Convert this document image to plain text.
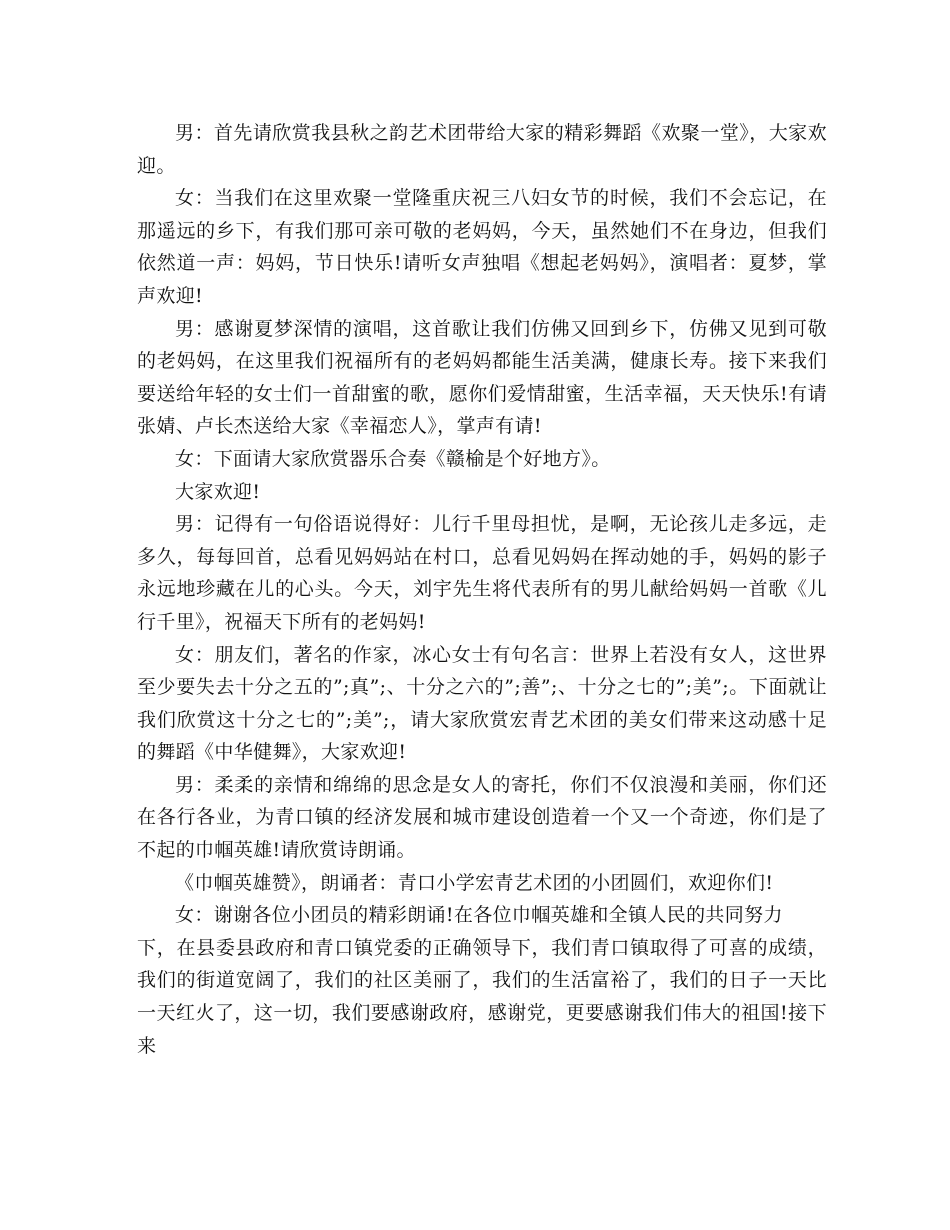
男：首先请欣赏我县秋之韵艺术团带给大家的精彩舞蹈《欢聚一堂》，大家欢迎。

女：当我们在这里欢聚一堂隆重庆祝三八妇女节的时候，我们不会忘记，在那遥远的乡下，有我们那可亲可敬的老妈妈，今天，虽然她们不在身边，但我们依然道一声：妈妈，节日快乐!请听女声独唱《想起老妈妈》，演唱者：夏梦，掌声欢迎!

男：感谢夏梦深情的演唱，这首歌让我们仿佛又回到乡下，仿佛又见到可敬的老妈妈，在这里我们祝福所有的老妈妈都能生活美满，健康长寿。接下来我们要送给年轻的女士们一首甜蜜的歌，愿你们爱情甜蜜，生活幸福，天天快乐!有请张婧、卢长杰送给大家《幸福恋人》，掌声有请!

女：下面请大家欣赏器乐合奏《赣榆是个好地方》。

大家欢迎!

男：记得有一句俗语说得好：儿行千里母担忧，是啊，无论孩儿走多远，走多久，每每回首，总看见妈妈站在村口，总看见妈妈在挥动她的手，妈妈的影子永远地珍藏在儿的心头。今天，刘宇先生将代表所有的男儿献给妈妈一首歌《儿行千里》，祝福天下所有的老妈妈!

女：朋友们，著名的作家，冰心女士有句名言：世界上若没有女人，这世界至少要失去十分之五的”;真”;、十分之六的”;善”;、十分之七的”;美”;。下面就让我们欣赏这十分之七的”;美”;，请大家欣赏宏青艺术团的美女们带来这动感十足的舞蹈《中华健舞》，大家欢迎!

男：柔柔的亲情和绵绵的思念是女人的寄托，你们不仅浪漫和美丽，你们还在各行各业，为青口镇的经济发展和城市建设创造着一个又一个奇迹，你们是了不起的巾帼英雄!请欣赏诗朗诵。

《巾帼英雄赞》，朗诵者：青口小学宏青艺术团的小团圆们，欢迎你们!

女：谢谢各位小团员的精彩朗诵!在各位巾帼英雄和全镇人民的共同努力

下，在县委县政府和青口镇党委的正确领导下，我们青口镇取得了可喜的成绩，我们的街道宽阔了，我们的社区美丽了，我们的生活富裕了，我们的日子一天比一天红火了，这一切，我们要感谢政府，感谢党，更要感谢我们伟大的祖国!接下来
